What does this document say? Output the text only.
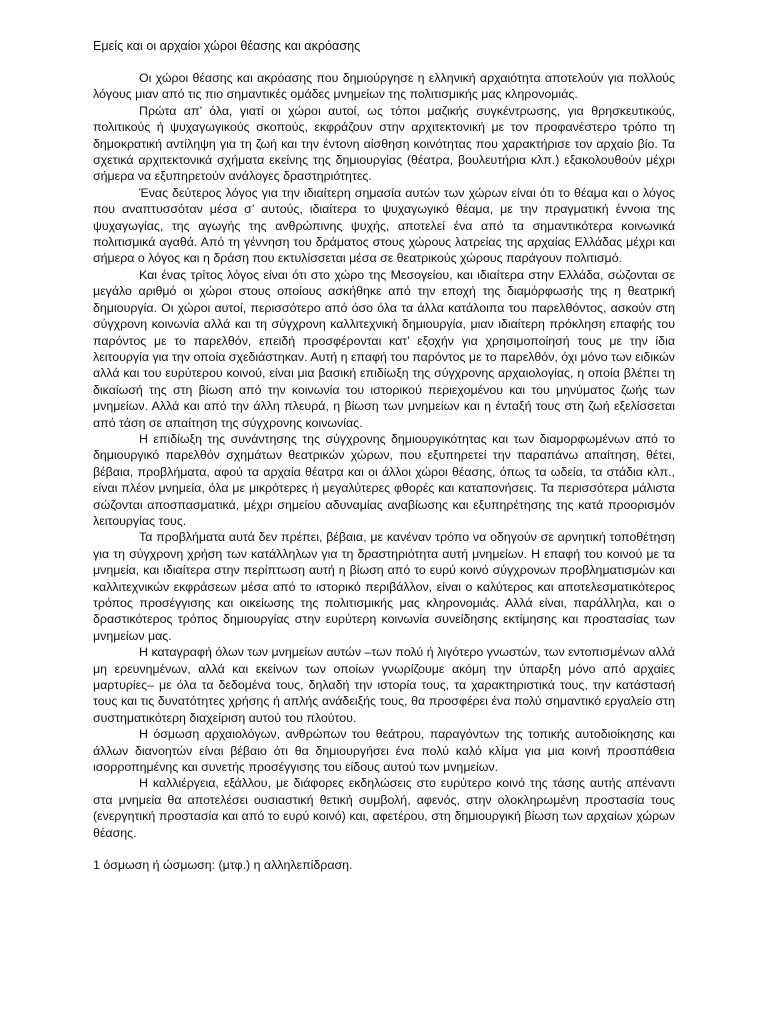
Εμείς και οι αρχαίοι χώροι θέασης και ακρόασης

Οι χώροι θέασης και ακρόασης που δημιούργησε η ελληνική αρχαιότητα αποτελούν για πολλούς λόγους μιαν από τις πιο σημαντικές ομάδες μνημείων της πολιτισμικής μας κληρονομιάς.

Πρώτα απ’ όλα, γιατί οι χώροι αυτοί, ως τόποι μαζικής συγκέντρωσης, για θρησκευτικούς, πολιτικούς ή ψυχαγωγικούς σκοπούς, εκφράζουν στην αρχιτεκτονική με τον προφανέστερο τρόπο τη δημοκρατική αντίληψη για τη ζωή και την έντονη αίσθηση κοινότητας που χαρακτήρισε τον αρχαίο βίο. Τα σχετικά αρχιτεκτονικά σχήματα εκείνης της δημιουργίας (θέατρα, βουλευτήρια κλπ.) εξακολουθούν μέχρι σήμερα να εξυπηρετούν ανάλογες δραστηριότητες.

Ένας δεύτερος λόγος για την ιδιαίτερη σημασία αυτών των χώρων είναι ότι το θέαμα και ο λόγος που αναπτυσσόταν μέσα σ’ αυτούς, ιδιαίτερα το ψυχαγωγικό θέαμα, με την πραγματική έννοια της ψυχαγωγίας, της αγωγής της ανθρώπινης ψυχής, αποτελεί ένα από τα σημαντικότερα κοινωνικά πολιτισμικά αγαθά. Από τη γέννηση του δράματος στους χώρους λατρείας της αρχαίας Ελλάδας μέχρι και σήμερα ο λόγος και η δράση που εκτυλίσσεται μέσα σε θεατρικούς χώρους παράγουν πολιτισμό.

Και ένας τρίτος λόγος είναι ότι στο χώρο της Μεσογείου, και ιδιαίτερα στην Ελλάδα, σώζονται σε μεγάλο αριθμό οι χώροι στους οποίους ασκήθηκε από την εποχή της διαμόρφωσής της η θεατρική δημιουργία. Οι χώροι αυτοί, περισσότερο από όσο όλα τα άλλα κατάλοιπα του παρελθόντος, ασκούν στη σύγχρονη κοινωνία αλλά και τη σύγχρονη καλλιτεχνική δημιουργία, μιαν ιδιαίτερη πρόκληση επαφής του παρόντος με το παρελθόν, επειδή προσφέρονται κατ’ εξοχήν για χρησιμοποίησή τους με την ίδια λειτουργία για την οποία σχεδιάστηκαν. Αυτή η επαφή του παρόντος με το παρελθόν, όχι μόνο των ειδικών αλλά και του ευρύτερου κοινού, είναι μια βασική επιδίωξη της σύγχρονης αρχαιολογίας, η οποία βλέπει τη δικαίωσή της στη βίωση από την κοινωνία του ιστορικού περιεχομένου και του μηνύματος ζωής των μνημείων. Αλλά και από την άλλη πλευρά, η βίωση των μνημείων και η ένταξή τους στη ζωή εξελίσσεται από τάση σε απαίτηση της σύγχρονης κοινωνίας.

Η επιδίωξη της συνάντησης της σύγχρονης δημιουργικότητας και των διαμορφωμένων από το δημιουργικό παρελθόν σχημάτων θεατρικών χώρων, που εξυπηρετεί την παραπάνω απαίτηση, θέτει, βέβαια, προβλήματα, αφού τα αρχαία θέατρα και οι άλλοι χώροι θέασης, όπως τα ωδεία, τα στάδια κλπ., είναι πλέον μνημεία, όλα με μικρότερες ή μεγαλύτερες φθορές και καταπονήσεις. Τα περισσότερα μάλιστα σώζονται αποσπασματικά, μέχρι σημείου αδυναμίας αναβίωσης και εξυπηρέτησης της κατά προορισμόν λειτουργίας τους.

Τα προβλήματα αυτά δεν πρέπει, βέβαια, με κανέναν τρόπο να οδηγούν σε αρνητική τοποθέτηση για τη σύγχρονη χρήση των κατάλληλων για τη δραστηριότητα αυτή μνημείων. Η επαφή του κοινού με τα μνημεία, και ιδιαίτερα στην περίπτωση αυτή η βίωση από το ευρύ κοινό σύγχρονων προβληματισμών και καλλιτεχνικών εκφράσεων μέσα από το ιστορικό περιβάλλον, είναι ο καλύτερος και αποτελεσματικότερος τρόπος προσέγγισης και οικείωσης της πολιτισμικής μας κληρονομιάς. Αλλά είναι, παράλληλα, και ο δραστικότερος τρόπος δημιουργίας στην ευρύτερη κοινωνία συνείδησης εκτίμησης και προστασίας των μνημείων μας.

Η καταγραφή όλων των μνημείων αυτών –των πολύ ή λιγότερο γνωστών, των εντοπισμένων αλλά μη ερευνημένων, αλλά και εκείνων των οποίων γνωρίζουμε ακόμη την ύπαρξη μόνο από αρχαίες μαρτυρίες– με όλα τα δεδομένα τους, δηλαδή την ιστορία τους, τα χαρακτηριστικά τους, την κατάστασή τους και τις δυνατότητες χρήσης ή απλής ανάδειξής τους, θα προσφέρει ένα πολύ σημαντικό εργαλείο στη συστηματικότερη διαχείριση αυτού του πλούτου.

Η όσμωση αρχαιολόγων, ανθρώπων του θεάτρου, παραγόντων της τοπικής αυτοδιοίκησης και άλλων διανοητών είναι βέβαιο ότι θα δημιουργήσει ένα πολύ καλό κλίμα για μια κοινή προσπάθεια ισορροπημένης και συνετής προσέγγισης του είδους αυτού των μνημείων.

Η καλλιέργεια, εξάλλου, με διάφορες εκδηλώσεις στο ευρύτερο κοινό της τάσης αυτής απέναντι στα μνημεία θα αποτελέσει ουσιαστική θετική συμβολή, αφενός, στην ολοκληρωμένη προστασία τους (ενεργητική προστασία και από το ευρύ κοινό) και, αφετέρου, στη δημιουργική βίωση των αρχαίων χώρων θέασης.

1 όσμωση ή ώσμωση: (μτφ.) η αλληλεπίδραση.
